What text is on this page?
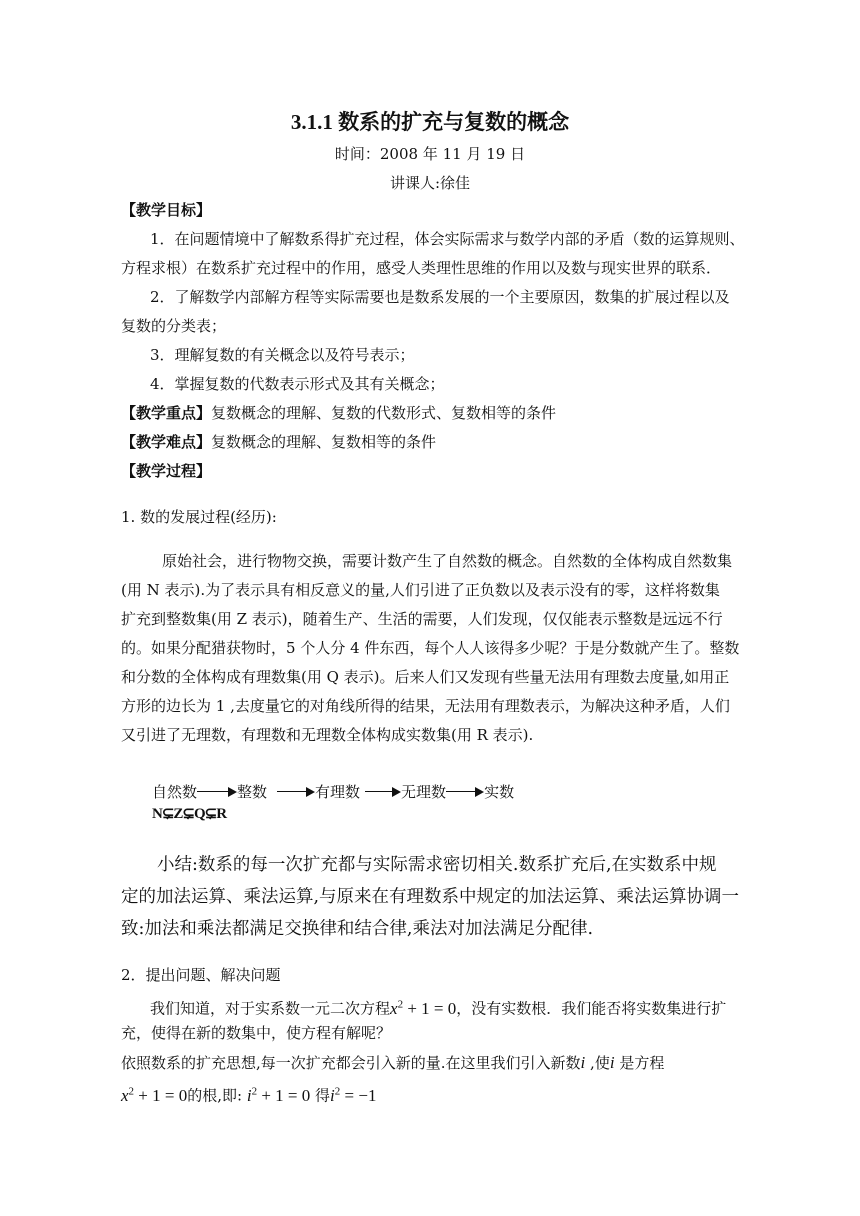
3.1.1 数系的扩充与复数的概念
时间：2008 年 11 月 19 日
讲课人:徐佳
【教学目标】
1．在问题情境中了解数系得扩充过程，体会实际需求与数学内部的矛盾（数的运算规则、
方程求根）在数系扩充过程中的作用，感受人类理性思维的作用以及数与现实世界的联系．
2．了解数学内部解方程等实际需要也是数系发展的一个主要原因，数集的扩展过程以及
复数的分类表；
3．理解复数的有关概念以及符号表示；
4．掌握复数的代数表示形式及其有关概念；
【教学重点】复数概念的理解、复数的代数形式、复数相等的条件
【教学难点】复数概念的理解、复数相等的条件
【教学过程】
1. 数的发展过程(经历):
原始社会，进行物物交换，需要计数产生了自然数的概念。自然数的全体构成自然数集
(用 N 表示).为了表示具有相反意义的量,人们引进了正负数以及表示没有的零，这样将数集
扩充到整数集(用 Z 表示)，随着生产、生活的需要，人们发现，仅仅能表示整数是远远不行
的。如果分配猎获物时，5 个人分 4 件东西，每个人人该得多少呢？于是分数就产生了。整数
和分数的全体构成有理数集(用 Q 表示)。后来人们又发现有些量无法用有理数去度量,如用正
方形的边长为 1 ,去度量它的对角线所得的结果，无法用有理数表示，为解决这种矛盾，人们
又引进了无理数，有理数和无理数全体构成实数集(用 R 表示).
自然数	整数	有理数	无理数	实数
N⊊Z⊊Q⊊R
小结:数系的每一次扩充都与实际需求密切相关.数系扩充后,在实数系中规
定的加法运算、乘法运算,与原来在有理数系中规定的加法运算、乘法运算协调一
致:加法和乘法都满足交换律和结合律,乘法对加法满足分配律.
2．提出问题、解决问题
我们知道，对于实系数一元二次方程$x^2 + 1 = 0$，没有实数根．我们能否将实数集进行扩
充，使得在新的数集中，使方程有解呢？
依照数系的扩充思想,每一次扩充都会引入新的量.在这里我们引入新数i ,使i 是方程
$x^2 + 1 = 0$的根,即: $i^2 + 1 = 0$ 得$i^2 = -1$
